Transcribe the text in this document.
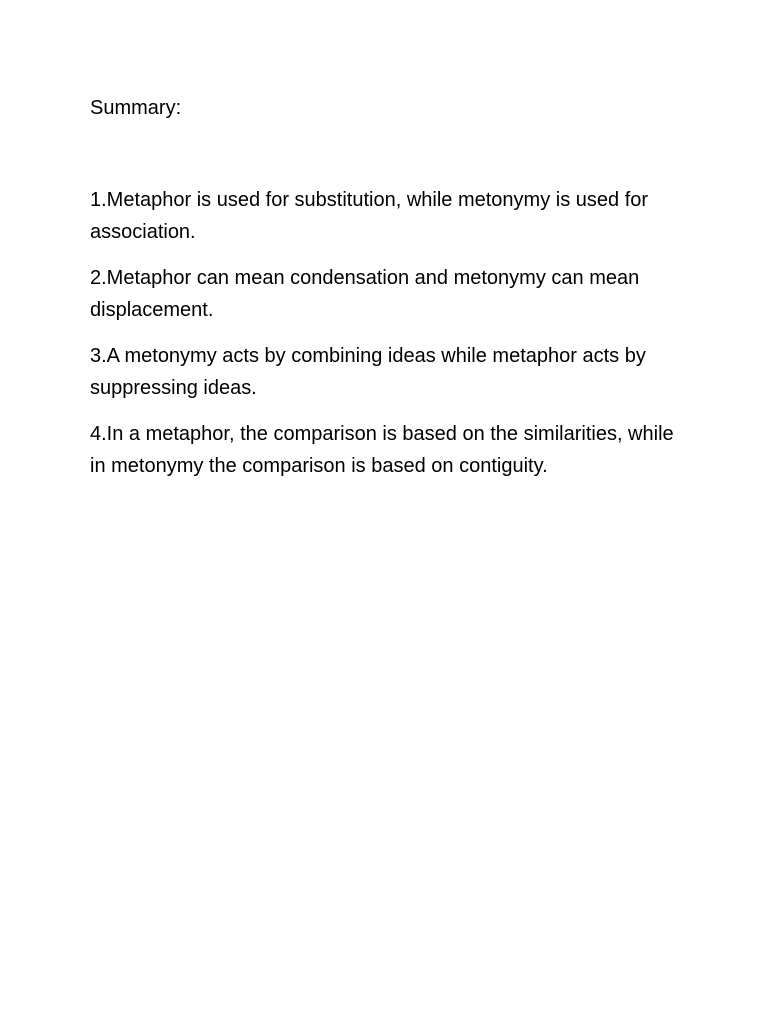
Summary:
1.Metaphor is used for substitution, while metonymy is used for association.
2.Metaphor can mean condensation and metonymy can mean displacement.
3.A metonymy acts by combining ideas while metaphor acts by suppressing ideas.
4.In a metaphor, the comparison is based on the similarities, while in metonymy the comparison is based on contiguity.
